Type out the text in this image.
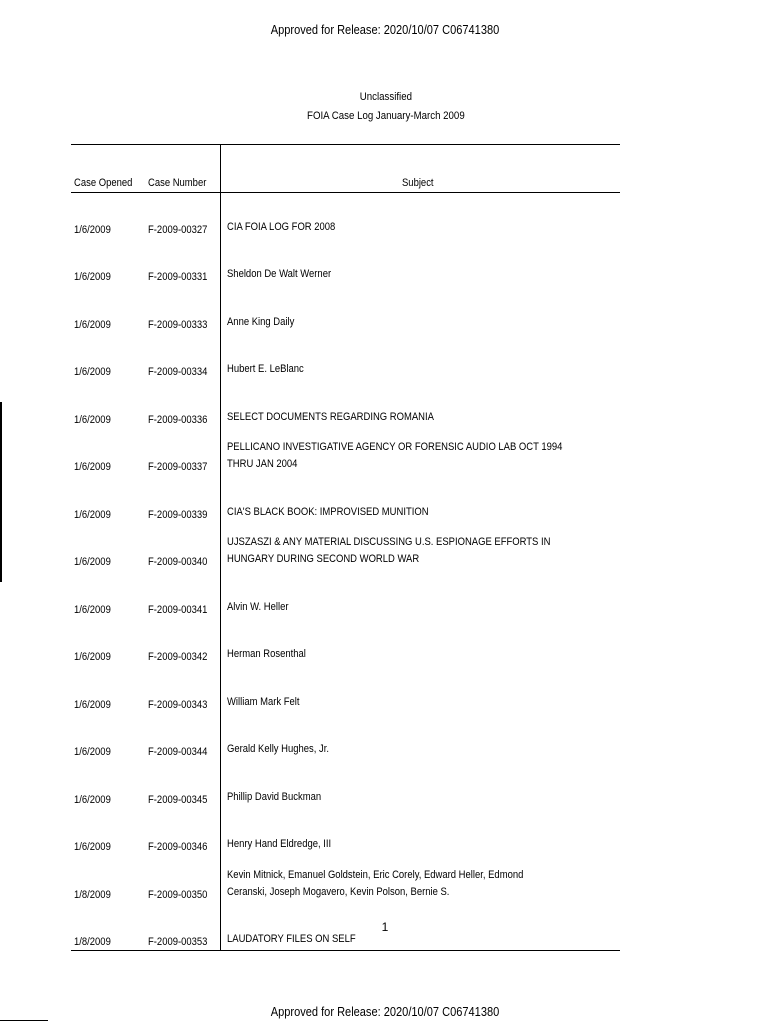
Approved for Release: 2020/10/07 C06741380
Unclassified
FOIA Case Log January-March 2009
Case Opened	Case Number	Subject
1/6/2009	F-2009-00327	CIA FOIA LOG FOR 2008

1/6/2009	F-2009-00331	Sheldon De Walt Werner

1/6/2009	F-2009-00333	Anne King Daily

1/6/2009	F-2009-00334	Hubert E. LeBlanc

1/6/2009	F-2009-00336	SELECT DOCUMENTS REGARDING ROMANIA

1/6/2009	F-2009-00337	PELLICANO INVESTIGATIVE AGENCY OR FORENSIC AUDIO LAB OCT 1994 THRU JAN 2004

1/6/2009	F-2009-00339	CIA'S BLACK BOOK: IMPROVISED MUNITION

1/6/2009	F-2009-00340	UJSZASZI & ANY MATERIAL DISCUSSING U.S. ESPIONAGE EFFORTS IN HUNGARY DURING SECOND WORLD WAR

1/6/2009	F-2009-00341	Alvin W. Heller

1/6/2009	F-2009-00342	Herman Rosenthal

1/6/2009	F-2009-00343	William Mark Felt

1/6/2009	F-2009-00344	Gerald Kelly Hughes, Jr.

1/6/2009	F-2009-00345	Phillip David Buckman

1/6/2009	F-2009-00346	Henry Hand Eldredge, III

1/8/2009	F-2009-00350	Kevin Mitnick, Emanuel Goldstein, Eric Corely, Edward Heller, Edmond Ceranski, Joseph Mogavero, Kevin Polson, Bernie S.

1/8/2009	F-2009-00353	LAUDATORY FILES ON SELF
1
Approved for Release: 2020/10/07 C06741380
